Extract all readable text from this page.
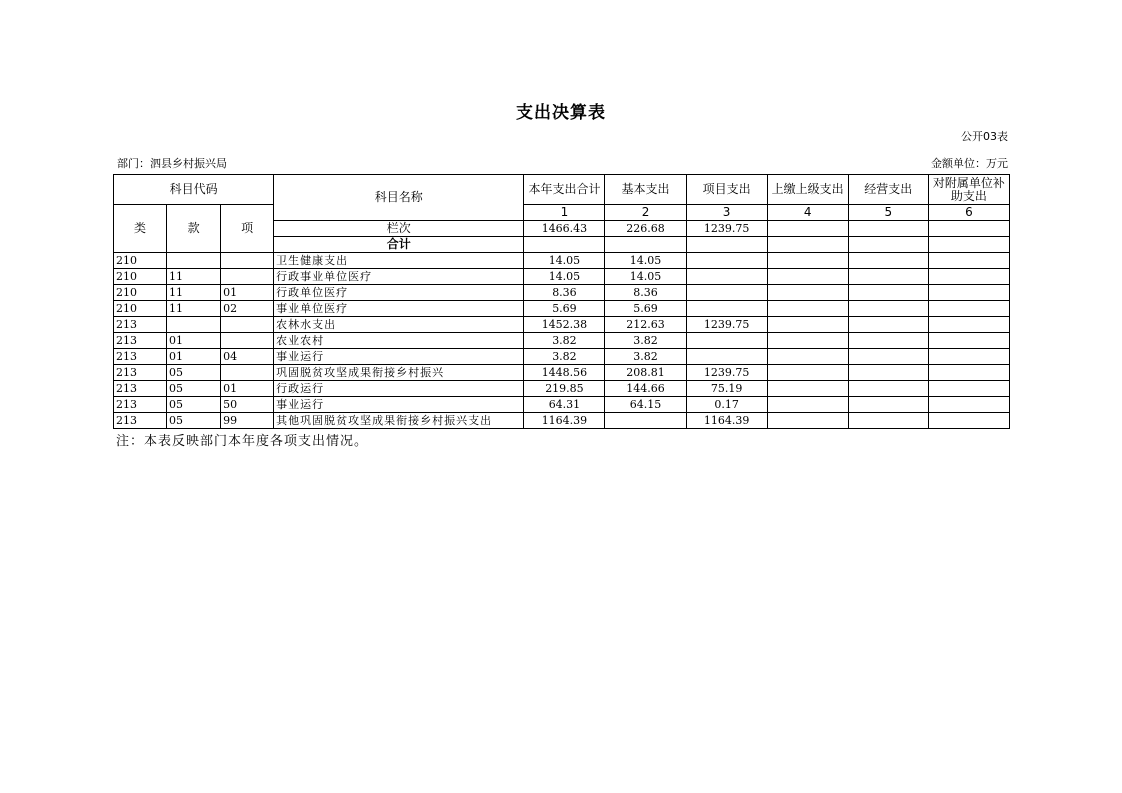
支出决算表
公开03表
部门：泗县乡村振兴局	金额单位：万元
科目代码			科目名称	本年支出合计	基本支出	项目支出	上缴上级支出	经营支出	对附属单位补助支出
类	款	项		1	2	3	4	5	6
			栏次	1466.43	226.68	1239.75			
			合计						
210			卫生健康支出	14.05	14.05				
210	11		行政事业单位医疗	14.05	14.05				
210	11	01	行政单位医疗	8.36	8.36				
210	11	02	事业单位医疗	5.69	5.69				
213			农林水支出	1452.38	212.63	1239.75			
213	01		农业农村	3.82	3.82				
213	01	04	事业运行	3.82	3.82				
213	05		巩固脱贫攻坚成果衔接乡村振兴	1448.56	208.81	1239.75			
213	05	01	行政运行	219.85	144.66	75.19			
213	05	50	事业运行	64.31	64.15	0.17			
213	05	99	其他巩固脱贫攻坚成果衔接乡村振兴支出	1164.39		1164.39			
注：本表反映部门本年度各项支出情况。
